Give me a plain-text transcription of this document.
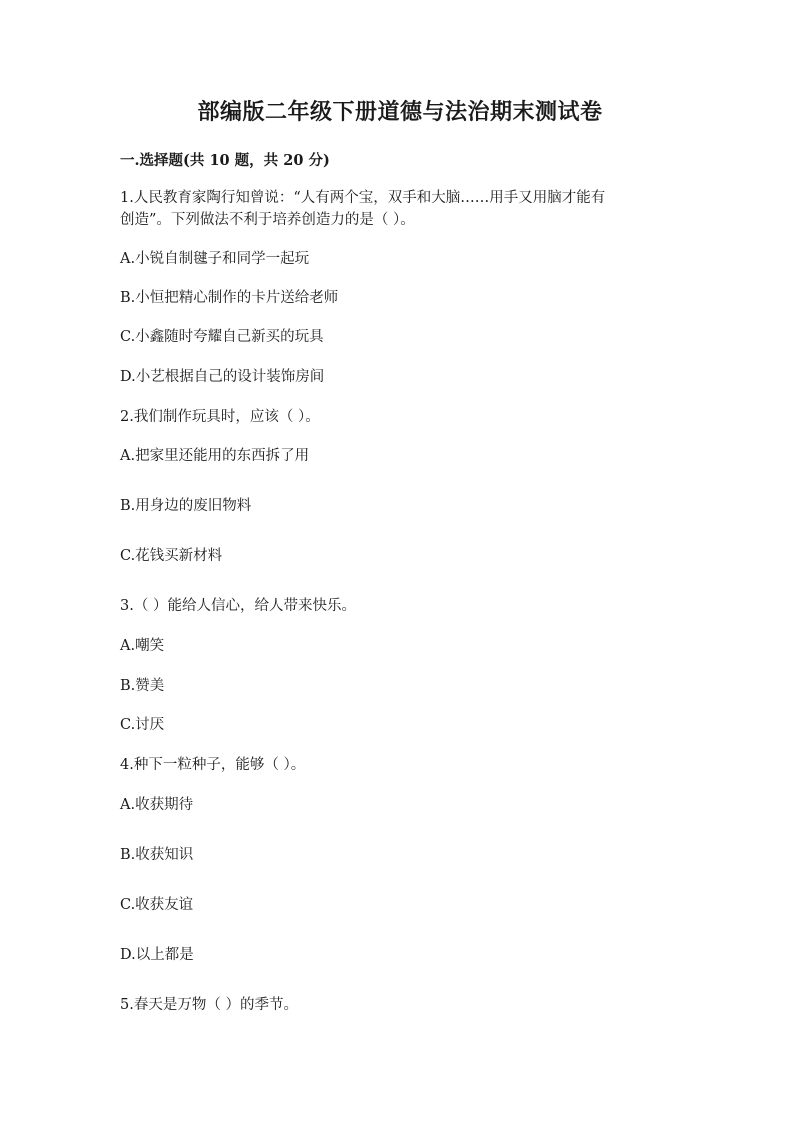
部编版二年级下册道德与法治期末测试卷
一.选择题(共 10 题，共 20 分)
1.人民教育家陶行知曾说：“人有两个宝，双手和大脑……用手又用脑才能有
创造”。下列做法不利于培养创造力的是（ ）。
A.小锐自制毽子和同学一起玩
B.小恒把精心制作的卡片送给老师
C.小鑫随时夸耀自己新买的玩具
D.小艺根据自己的设计装饰房间
2.我们制作玩具时，应该（ ）。
A.把家里还能用的东西拆了用
B.用身边的废旧物料
C.花钱买新材料
3.（ ）能给人信心，给人带来快乐。
A.嘲笑
B.赞美
C.讨厌
4.种下一粒种子，能够（ ）。
A.收获期待
B.收获知识
C.收获友谊
D.以上都是
5.春天是万物（ ）的季节。
